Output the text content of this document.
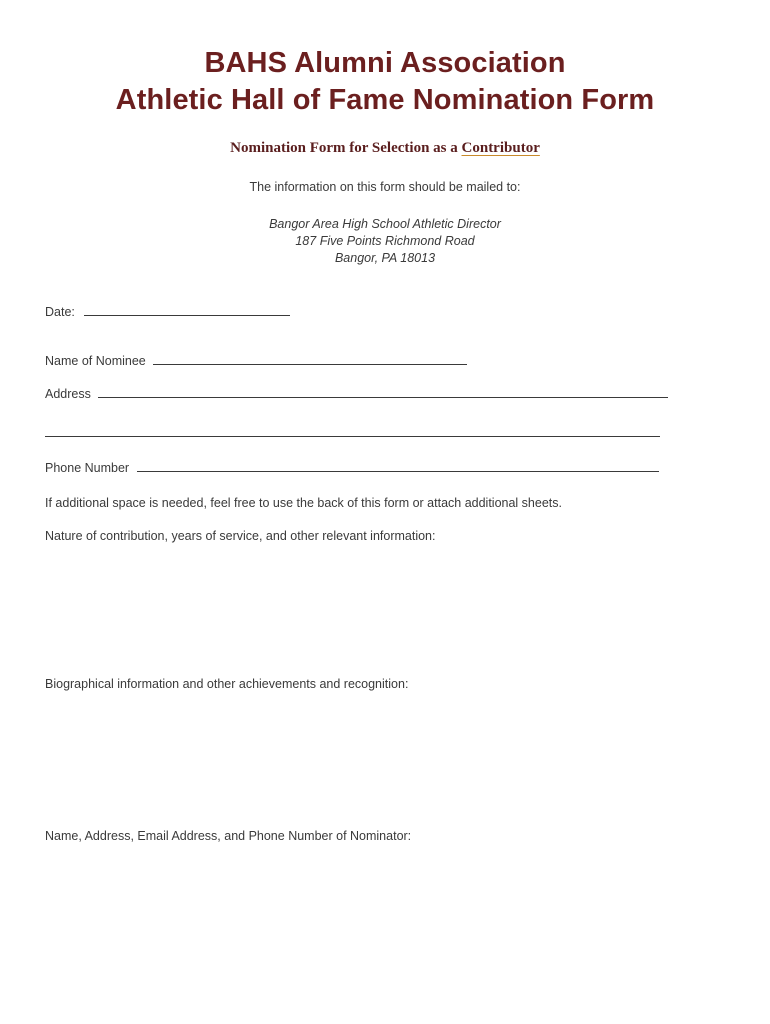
BAHS Alumni Association
Athletic Hall of Fame Nomination Form
Nomination Form for Selection as a Contributor
The information on this form should be mailed to:
Bangor Area High School Athletic Director
187 Five Points Richmond Road
Bangor, PA 18013
Date:
Name of Nominee
Address
Phone Number
If additional space is needed, feel free to use the back of this form or attach additional sheets.
Nature of contribution, years of service, and other relevant information:
Biographical information and other achievements and recognition:
Name, Address, Email Address, and Phone Number of Nominator:
